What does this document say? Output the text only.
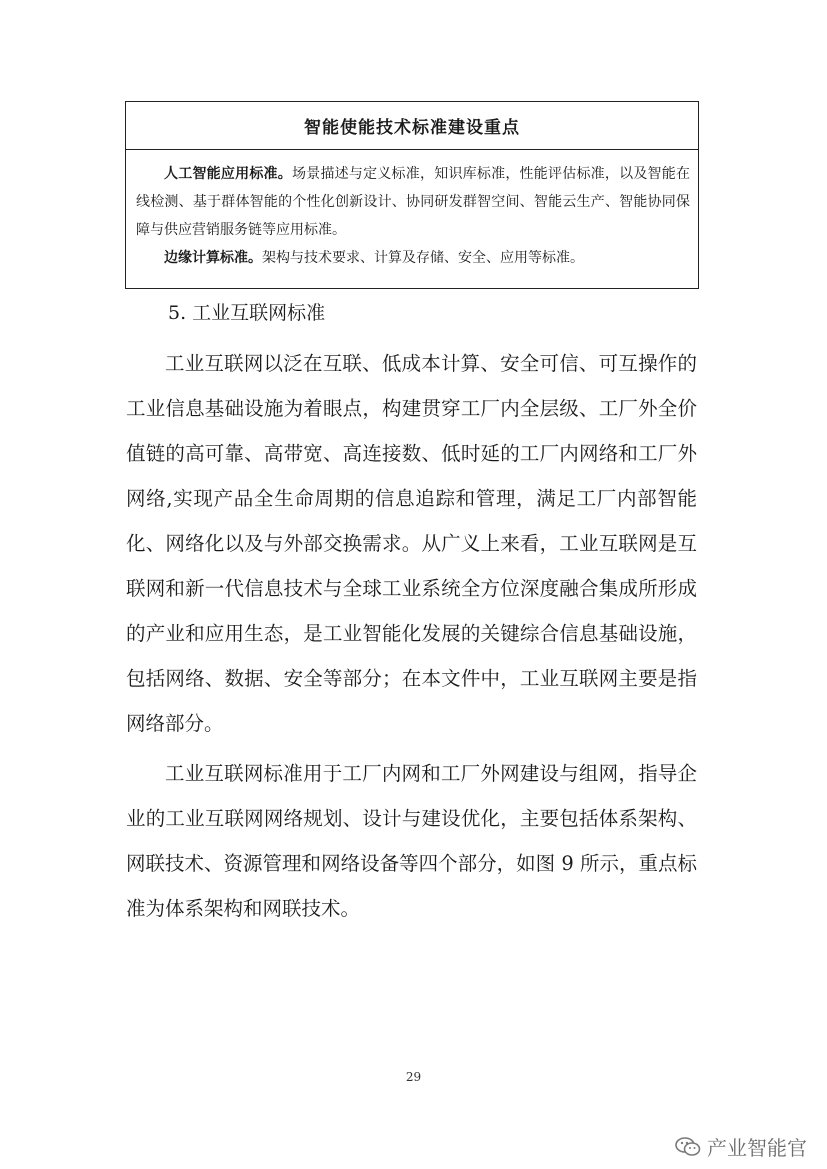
智能使能技术标准建设重点

人工智能应用标准。场景描述与定义标准，知识库标准，性能评估标准，以及智能在线检测、基于群体智能的个性化创新设计、协同研发群智空间、智能云生产、智能协同保障与供应营销服务链等应用标准。

边缘计算标准。架构与技术要求、计算及存储、安全、应用等标准。

5. 工业互联网标准

工业互联网以泛在互联、低成本计算、安全可信、可互操作的工业信息基础设施为着眼点，构建贯穿工厂内全层级、工厂外全价值链的高可靠、高带宽、高连接数、低时延的工厂内网络和工厂外网络,实现产品全生命周期的信息追踪和管理，满足工厂内部智能化、网络化以及与外部交换需求。从广义上来看，工业互联网是互联网和新一代信息技术与全球工业系统全方位深度融合集成所形成的产业和应用生态，是工业智能化发展的关键综合信息基础设施，包括网络、数据、安全等部分；在本文件中，工业互联网主要是指网络部分。

工业互联网标准用于工厂内网和工厂外网建设与组网，指导企业的工业互联网网络规划、设计与建设优化，主要包括体系架构、网联技术、资源管理和网络设备等四个部分，如图 9 所示，重点标准为体系架构和网联技术。

29
产业智能官
